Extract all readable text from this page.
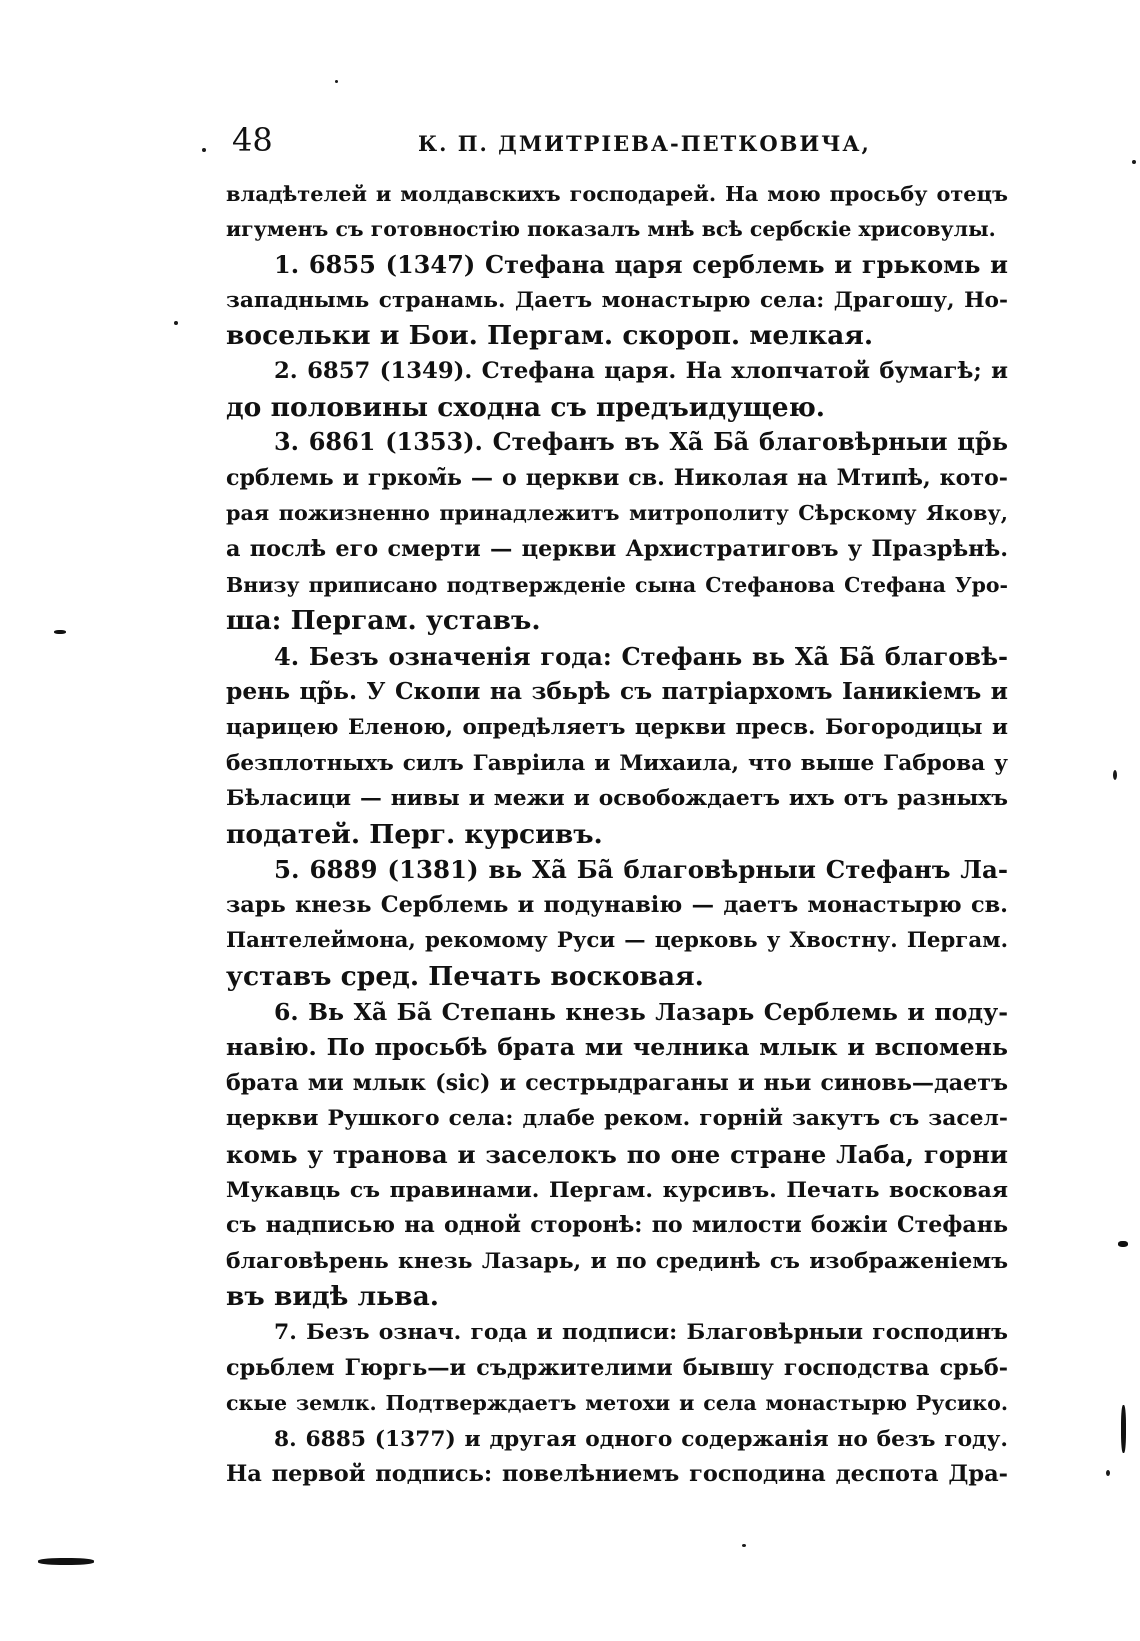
48	К. П. ДМИТРІЕВА-ПЕТКОВИЧА,
владѣтелей и молдавскихъ господарей. На мою просьбу отецъ
игуменъ съ готовностію показалъ мнѣ всѣ сербскіе хрисовулы.
1. 6855 (1347) Стефана царя серблемь и грькомь и
западнымь странамь. Даетъ монастырю села: Драгошу, Но-
восельки и Бои. Пергам. скороп. мелкая.
2. 6857 (1349). Стефана царя. На хлопчатой бумагѣ; и
до половины сходна съ предъидущею.
3. 6861 (1353). Стефанъ въ Ха̃ Ба̃ благовѣрныи цр̃ь
срблемь и грком̃ь — о церкви св. Николая на Мтипѣ, кото-
рая пожизненно принадлежитъ митрополиту Сѣрскому Якову,
а послѣ его смерти — церкви Архистратиговъ у Празрѣнѣ.
Внизу приписано подтвержденіе сына Стефанова Стефана Уро-
ша: Пергам. уставъ.
4. Безъ означенія года: Стефань вь Ха̃ Ба̃ благовѣ-
рень цр̃ь. У Скопи на збьрѣ съ патріархомъ Іаникіемъ и
царицею Еленою, опредѣляетъ церкви пресв. Богородицы и
безплотныхъ силъ Гавріила и Михаила, что выше Габрова у
Бѣласици — нивы и межи и освобождаетъ ихъ отъ разныхъ
податей. Перг. курсивъ.
5. 6889 (1381) вь Ха̃ Ба̃ благовѣрныи Стефанъ Ла-
зарь кнезь Серблемь и подунавію — даетъ монастырю св.
Пантелеймона, рекомому Руси — церковь у Хвостну. Пергам.
уставъ сред. Печать восковая.
6. Вь Ха̃ Ба̃ Степань кнезь Лазарь Серблемь и поду-
навію. По просьбѣ брата ми челника млык и вспомень
брата ми млык (sic) и сестрыдраганы и ньи синовь—даетъ
церкви Рушкого села: длабе реком. горній закутъ съ засел-
комь у транова и заселокъ по оне стране Лаба, горни
Мукавць съ правинами. Пергам. курсивъ. Печать восковая
съ надписью на одной сторонѣ: по милости божіи Стефань
благовѣрень кнезь Лазарь, и по срединѣ съ изображеніемъ
въ видѣ льва.
7. Безъ означ. года и подписи: Благовѣрныи господинъ
срьблем Гюргь—и съдржителими бывшу господства срьб-
скые землк. Подтверждаетъ метохи и села монастырю Русико.
8. 6885 (1377) и другая одного содержанія но безъ году.
На первой подпись: повелѣниемъ господина деспота Дра-
